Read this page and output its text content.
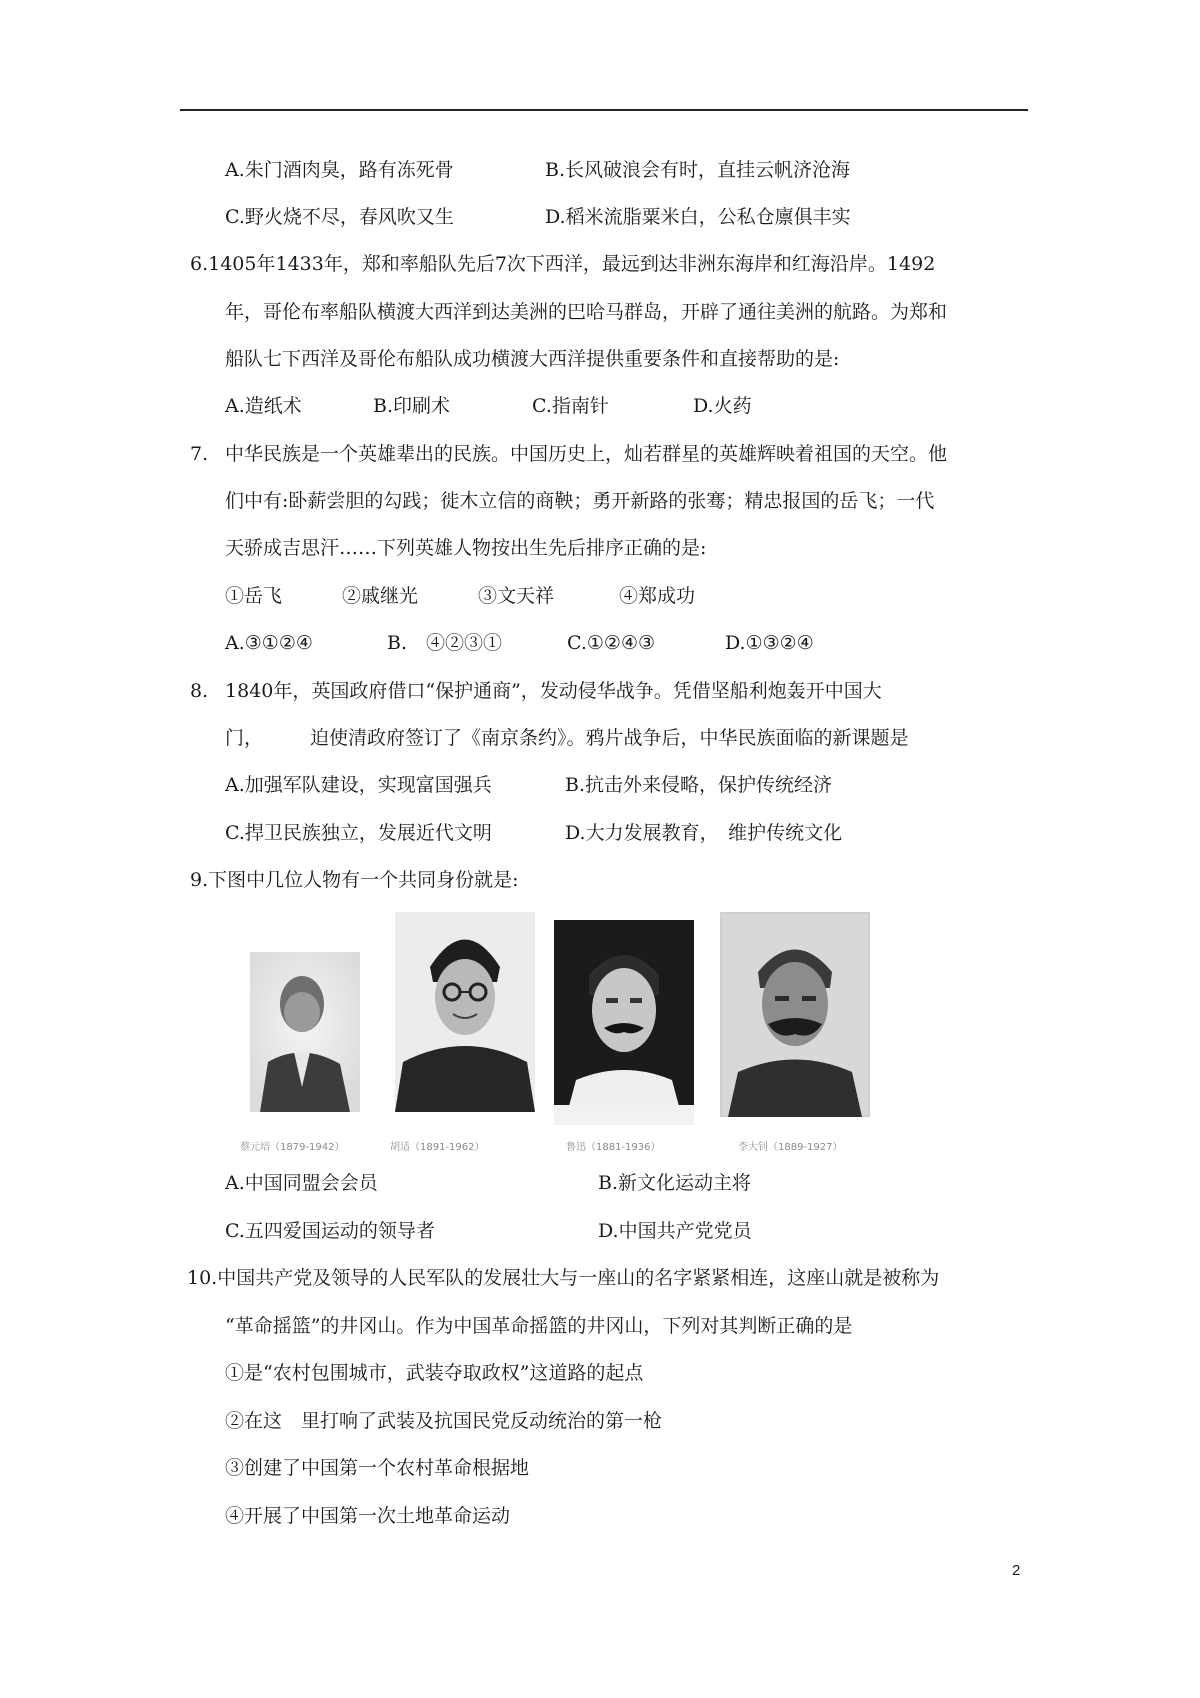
A.朱门酒肉臭，路有冻死骨	B.长风破浪会有时，直挂云帆济沧海
C.野火烧不尽，春风吹又生	D.稻米流脂粟米白，公私仓廪俱丰实
6.1405年1433年，郑和率船队先后7次下西洋，最远到达非洲东海岸和红海沿岸。1492
年，哥伦布率船队横渡大西洋到达美洲的巴哈马群岛，开辟了通往美洲的航路。为郑和
船队七下西洋及哥伦布船队成功横渡大西洋提供重要条件和直接帮助的是:
A.造纸术	B.印刷术	C.指南针	D.火药
7. 中华民族是一个英雄辈出的民族。中国历史上，灿若群星的英雄辉映着祖国的天空。他
们中有:卧薪尝胆的勾践；徙木立信的商鞅；勇开新路的张骞；精忠报国的岳飞；一代
天骄成吉思汗……下列英雄人物按出生先后排序正确的是:
①岳飞	②戚继光	③文天祥	④郑成功
A.③①②④	B.　④②③①	C.①②④③	D.①③②④
8. 1840年，英国政府借口“保护通商”，发动侵华战争。凭借坚船利炮轰开中国大
门， 迫使清政府签订了《南京条约》。鸦片战争后，中华民族面临的新课题是
A.加强军队建设，实现富国强兵	B.抗击外来侵略，保护传统经济
C.捍卫民族独立，发展近代文明	D.大力发展教育，　维护传统文化
9.下图中几位人物有一个共同身份就是:
蔡元培（1879-1942）	胡适（1891-1962）	鲁迅（1881-1936）	李大钊（1889-1927）
A.中国同盟会会员	B.新文化运动主将
C.五四爱国运动的领导者	D.中国共产党党员
10.中国共产党及领导的人民军队的发展壮大与一座山的名字紧紧相连，这座山就是被称为
“革命摇篮”的井冈山。作为中国革命摇篮的井冈山，下列对其判断正确的是
①是“农村包围城市，武装夺取政权”这道路的起点
②在这　里打响了武装及抗国民党反动统治的第一枪
③创建了中国第一个农村革命根据地
④开展了中国第一次土地革命运动
2
